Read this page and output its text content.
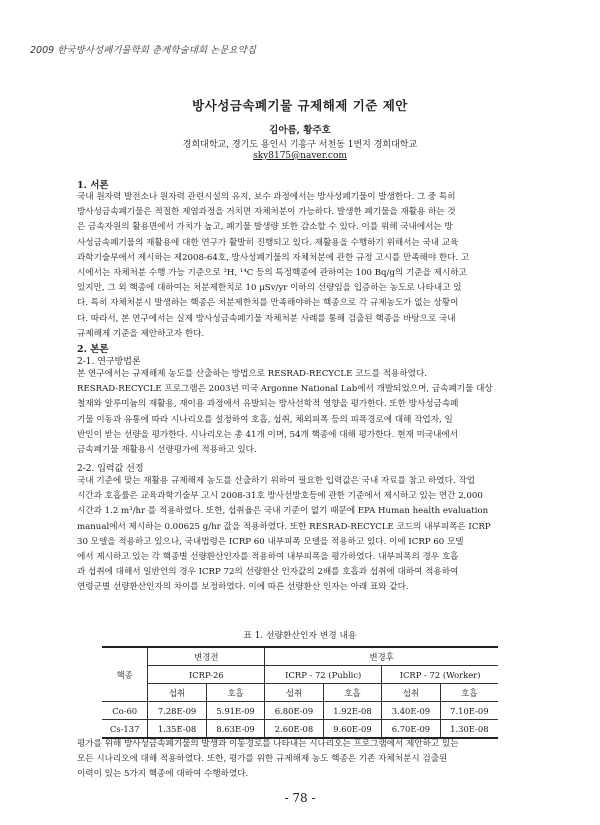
2009 한국방사성폐기물학회 춘계학술대회 논문요약집
방사성금속폐기물 규제해제 기준 제안
김아름, 황주호
경희대학교, 경기도 용인시 기흥구 서천동 1번지 경희대학교
sky8175@naver.com
1. 서론

국내 원자력 발전소나 원자력 관련시설의 유지, 보수 과정에서는 방사성폐기물이 발생한다. 그 중 특히
방사성금속폐기물은 적절한 제염과정을 거치면 자체처분이 가능하다. 발생한 폐기물을 재활용 하는 것
은 금속자원의 활용면에서 가치가 높고, 폐기물 발생량 또한 감소할 수 있다. 이를 위해 국내에서는 방
사성금속폐기물의 재활용에 대한 연구가 활발히 진행되고 있다. 재활용을 수행하기 위해서는 국내 교육
과학기술부에서 제시하는 제2008-64호, 방사성폐기물의 자체처분에 관한 규정 고시를 만족해야 한다. 고
시에서는 자체처분 수행 가능 기준으로 ³H, ¹⁴C 등의 특정핵종에 관하여는 100 Bq/g의 기준을 제시하고
있지만, 그 외 핵종에 대하여는 처분제한치로 10 μSv/yr 이하의 선량임을 입증하는 농도로 나타내고 있
다. 특히 자체처분시 발생하는 핵종은 처분제한치를 만족해야하는 핵종으로 각 규제농도가 없는 상황이
다. 따라서, 본 연구에서는 실제 방사성금속폐기물 자체처분 사례를 통해 검출된 핵종을 바탕으로 국내
규제해제 기준을 제안하고자 한다.

2. 본론
2-1. 연구방법론

본 연구에서는 규제해제 농도를 산출하는 방법으로 RESRAD-RECYCLE 코드를 적용하였다.
RESRAD-RECYCLE 프로그램은 2003년 미국 Argonne National Lab에서 개발되었으며, 금속폐기물 대상
철재와 알루미늄의 재활용, 재이용 과정에서 유발되는 방사선학적 영향을 평가한다. 또한 방사성금속폐
기물 이동과 유통에 따라 시나리오를 설정하여 호흡, 섭취, 체외피폭 등의 피폭경로에 대해 작업자, 일
반인이 받는 선량을 평가한다. 시나리오는 총 41개 이며, 54개 핵종에 대해 평가한다. 현재 미국내에서
금속폐기물 재활용시 선량평가에 적용하고 있다.

2-2. 입력값 선정

국내 기준에 맞는 재활용 규제해제 농도를 산출하기 위하여 필요한 입력값은 국내 자료를 참고 하였다. 작업
시간과 호흡률은 교육과학기술부 고시 2008-31호 방사선방호등에 관한 기준에서 제시하고 있는 연간 2,000
시간과 1.2 m³/hr 를 적용하였다. 또한, 섭취율은 국내 기준이 없기 때문에 EPA Human health evaluation
manual에서 제시하는 0.00625 g/hr 값을 적용하였다. 또한 RESRAD-RECYCLE 코드의 내부피폭은 ICRP
30 모델을 적용하고 있으나, 국내법령은 ICRP 60 내부피폭 모델을 적용하고 있다. 이에 ICRP 60 모델
에서 제시하고 있는 각 핵종별 선량환산인자를 적용하여 내부피폭을 평가하였다. 내부피폭의 경우 호흡
과 섭취에 대해서 일반인의 경우 ICRP 72의 선량환산 인자값의 2배를 호흡과 섭취에 대하여 적용하여
연령군별 선량환산인자의 차이를 보정하였다. 이에 따른 선량환산 인자는 아래 표와 같다.

표 1. 선량환산인자 변경 내용
핵종	변경전		변경후			
	ICRP-26		ICRP - 72 (Public)		ICRP - 72 (Worker)	
	섭취	호흡	섭취	호흡	섭취	호흡
Co-60	7.28E-09	5.91E-09	6.80E-09	1.92E-08	3.40E-09	7.10E-09
Cs-137	1.35E-08	8.63E-09	2.60E-08	9.60E-09	6.70E-09	1.30E-08

평가를 위해 방사성금속폐기물의 발생과 이동경로를 나타내는 시나리오는 프로그램에서 제안하고 있는
모든 시나리오에 대해 적용하였다. 또한, 평가를 위한 규제해제 농도 핵종은 기존 자체처분시 검출된
이력이 있는 5가지 핵종에 대하여 수행하였다.

- 78 -
